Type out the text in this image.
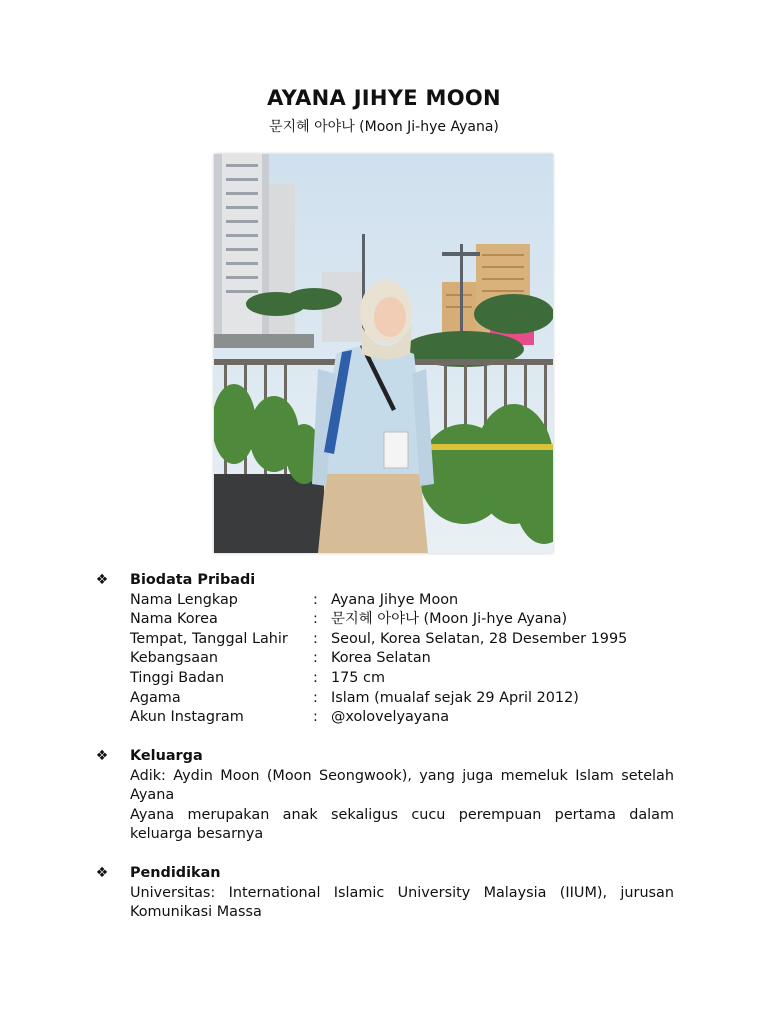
AYANA JIHYE MOON
문지혜 아야나 (Moon Ji-hye Ayana)
❖ Biodata Pribadi
Nama Lengkap	: Ayana Jihye Moon
Nama Korea	: 문지혜 아야나 (Moon Ji-hye Ayana)
Tempat, Tanggal Lahir	: Seoul, Korea Selatan, 28 Desember 1995
Kebangsaan	: Korea Selatan
Tinggi Badan	: 175 cm
Agama	: Islam (mualaf sejak 29 April 2012)
Akun Instagram	: @xolovelyayana
❖ Keluarga
Adik: Aydin Moon (Moon Seongwook), yang juga memeluk Islam setelah Ayana
Ayana merupakan anak sekaligus cucu perempuan pertama dalam keluarga besarnya
❖ Pendidikan
Universitas: International Islamic University Malaysia (IIUM), jurusan Komunikasi Massa
